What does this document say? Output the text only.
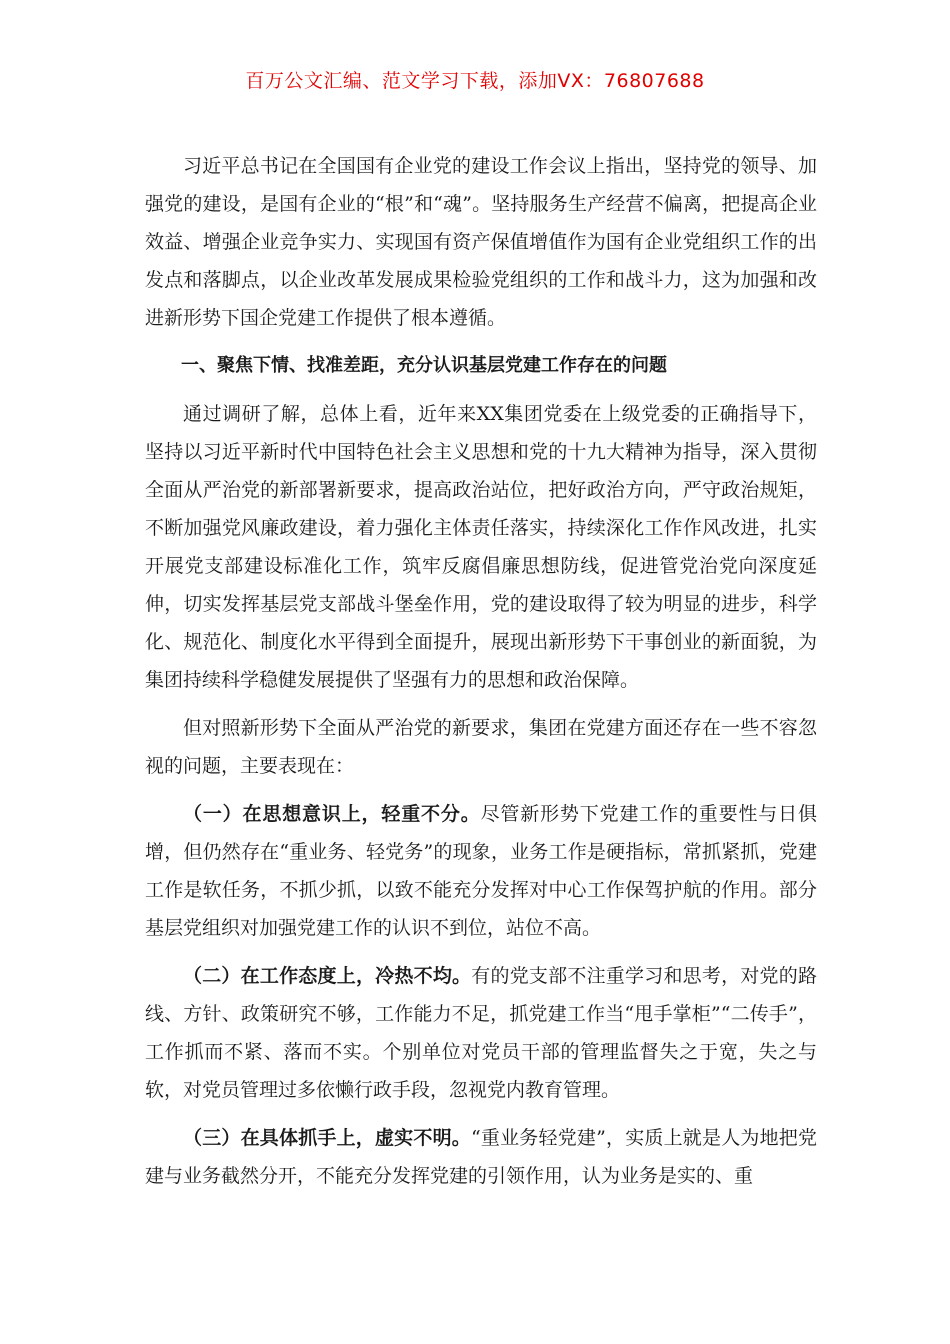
百万公文汇编、范文学习下载，添加VX：76807688

习近平总书记在全国国有企业党的建设工作会议上指出，坚持党的领导、加强党的建设，是国有企业的“根”和“魂”。坚持服务生产经营不偏离，把提高企业效益、增强企业竞争实力、实现国有资产保值增值作为国有企业党组织工作的出发点和落脚点，以企业改革发展成果检验党组织的工作和战斗力，这为加强和改进新形势下国企党建工作提供了根本遵循。

一、聚焦下情、找准差距，充分认识基层党建工作存在的问题

通过调研了解，总体上看，近年来XX集团党委在上级党委的正确指导下，坚持以习近平新时代中国特色社会主义思想和党的十九大精神为指导，深入贯彻全面从严治党的新部署新要求，提高政治站位，把好政治方向，严守政治规矩，不断加强党风廉政建设，着力强化主体责任落实，持续深化工作作风改进，扎实开展党支部建设标准化工作，筑牢反腐倡廉思想防线，促进管党治党向深度延伸，切实发挥基层党支部战斗堡垒作用，党的建设取得了较为明显的进步，科学化、规范化、制度化水平得到全面提升，展现出新形势下干事创业的新面貌，为集团持续科学稳健发展提供了坚强有力的思想和政治保障。

但对照新形势下全面从严治党的新要求，集团在党建方面还存在一些不容忽视的问题，主要表现在：

（一）在思想意识上，轻重不分。尽管新形势下党建工作的重要性与日俱增，但仍然存在“重业务、轻党务”的现象，业务工作是硬指标，常抓紧抓，党建工作是软任务，不抓少抓，以致不能充分发挥对中心工作保驾护航的作用。部分基层党组织对加强党建工作的认识不到位，站位不高。

（二）在工作态度上，冷热不均。有的党支部不注重学习和思考，对党的路线、方针、政策研究不够，工作能力不足，抓党建工作当“甩手掌柜”“二传手”，工作抓而不紧、落而不实。个别单位对党员干部的管理监督失之于宽，失之与软，对党员管理过多依懒行政手段，忽视党内教育管理。

（三）在具体抓手上，虚实不明。“重业务轻党建”，实质上就是人为地把党建与业务截然分开，不能充分发挥党建的引领作用，认为业务是实的、重
